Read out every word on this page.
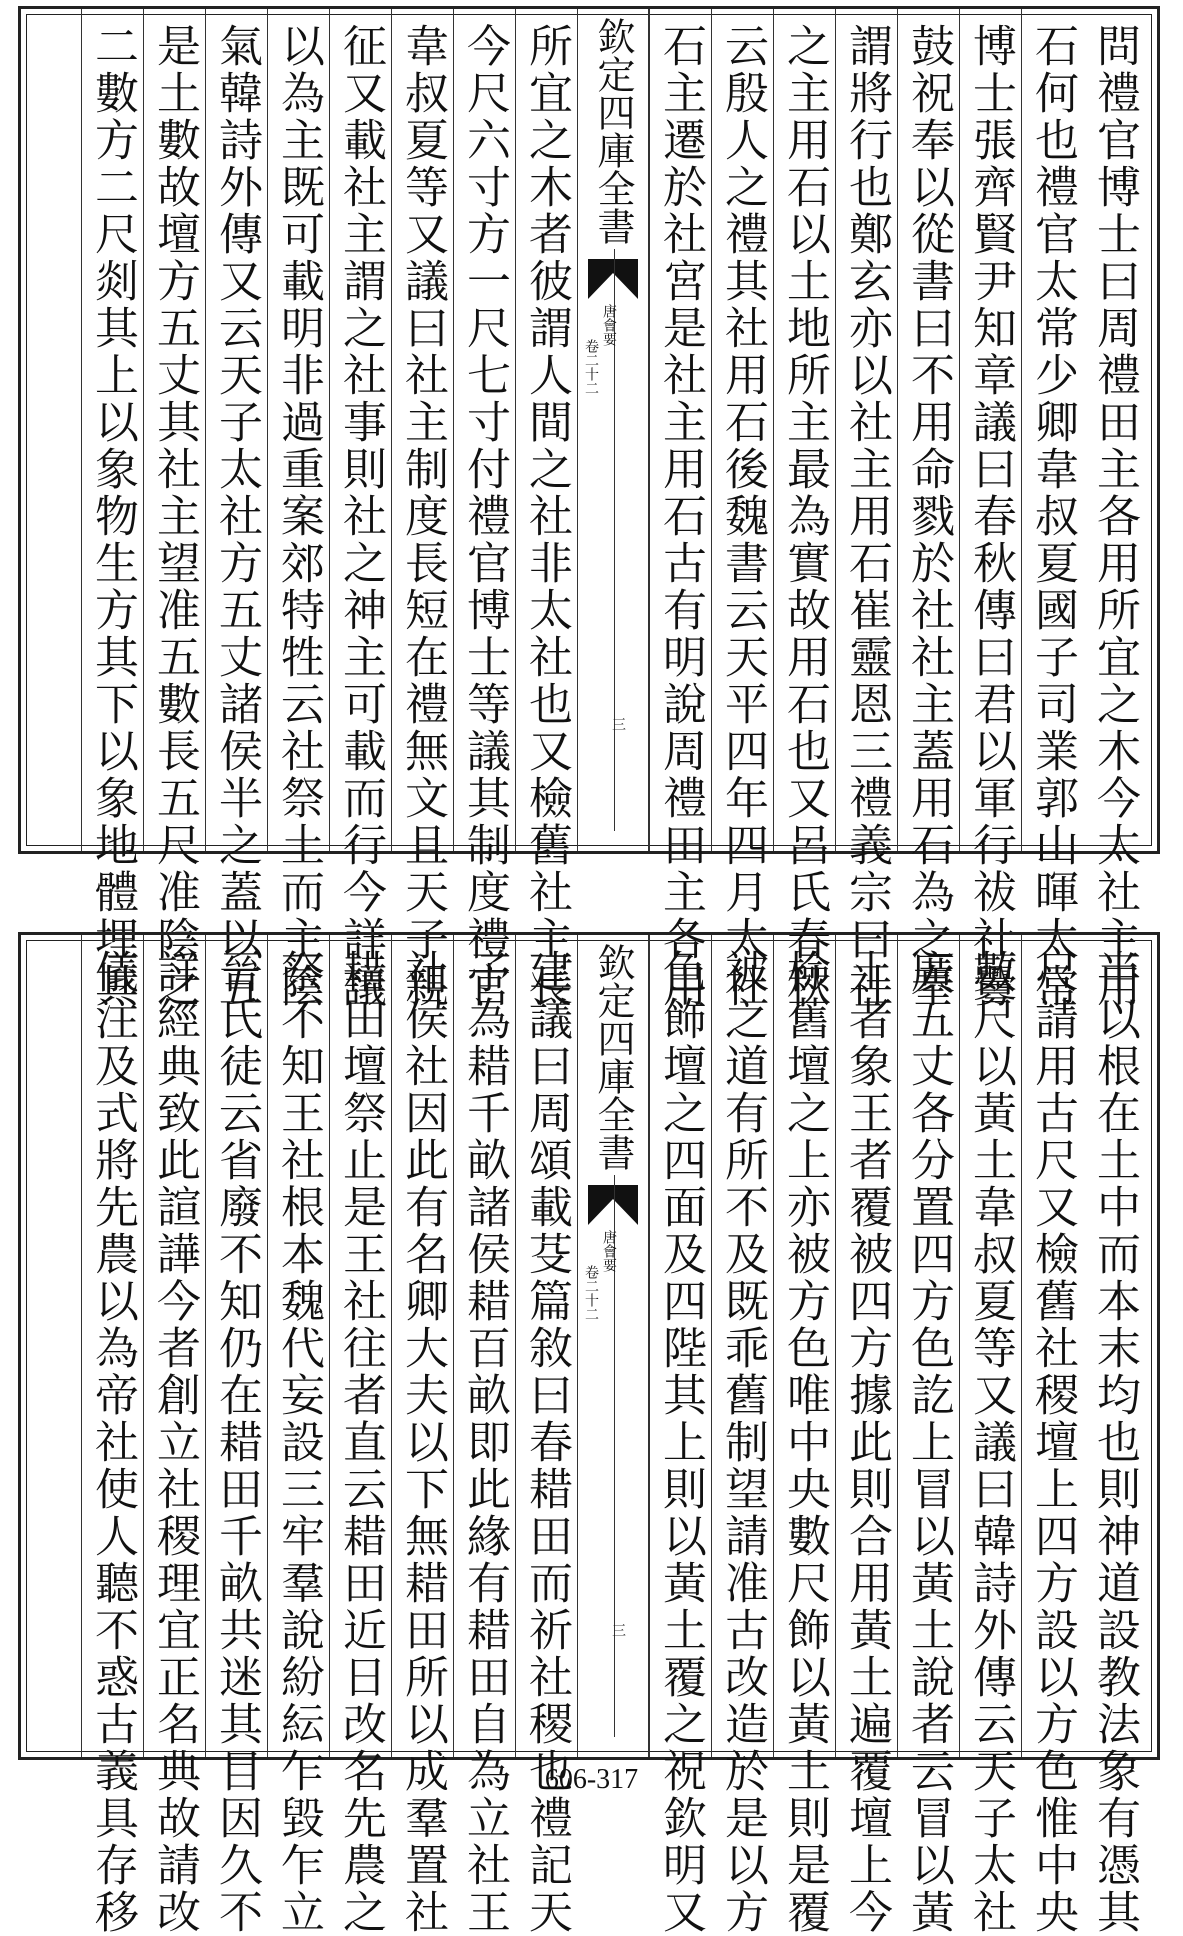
問禮官博士曰周禮田主各用所宜之木今太社主用
石何也禮官太常少卿韋叔夏國子司業郭山暉太常
博士張齊賢尹知章議曰春秋傳曰君以軍行祓社釁
鼓祝奉以從書曰不用命戮於社社主蓋用石為之奉
謂將行也鄭玄亦以社主用石崔靈恩三禮義宗曰社
之主用石以土地所主最為實故用石也又呂氏春秋
云殷人之禮其社用石後魏書云天平四年四月太社
石主遷於社宮是社主用石古有明說周禮田主各用
欽定四庫全書
唐會要
卷二十二
三
所宜之木者彼謂人間之社非太社也又檢舊社主長
今尺六寸方一尺七寸付禮官博士等議其制度禮官
韋叔夏等又議曰社主制度長短在禮無文且天子親
征又載社主謂之社事則社之神主可載而行今詳議
以為主既可載明非過重案郊特牲云社祭土而主陰
氣韓詩外傳又云天子太社方五丈諸侯半之蓋以五
是土數故壇方五丈其社主望准五數長五尺准陰之
二數方二尺剡其上以象物生方其下以象地體埋其
半以根在土中而本末均也則神道設教法象有憑其
尺請用古尺又檢舊社稷壇上四方設以方色惟中央
數尺以黃土韋叔夏等又議曰韓詩外傳云天子太社
廣五丈各分置四方色訖上冒以黃土說者云冒以黃
土者象王者覆被四方據此則合用黃土遍覆壇上今
檢舊壇之上亦被方色唯中央數尺飾以黃土則是覆
被之道有所不及既乖舊制望請准古改造於是以方
色飾壇之四面及四陛其上則以黃土覆之祝欽明又
欽定四庫全書
唐會要
卷二十二
三
建議曰周頌載芟篇敘曰春耤田而祈社稷也禮記天
子為耤千畝諸侯耤百畝即此緣有耤田自為立社王
社侯社因此有名卿大夫以下無耤田所以成羣置社
耤田壇祭止是王社往者直云耤田近日改名先農之
祭不知王社根本魏代妄設三牢羣說紛紜乍毀乍立
晉氏徒云省廢不知仍在耤田千畝共迷其目因久不
詳經典致此諠譁今者創立社稷理宜正名典故請改
儀注及式將先農以為帝社使人聽不惑古義具存移	606-317
